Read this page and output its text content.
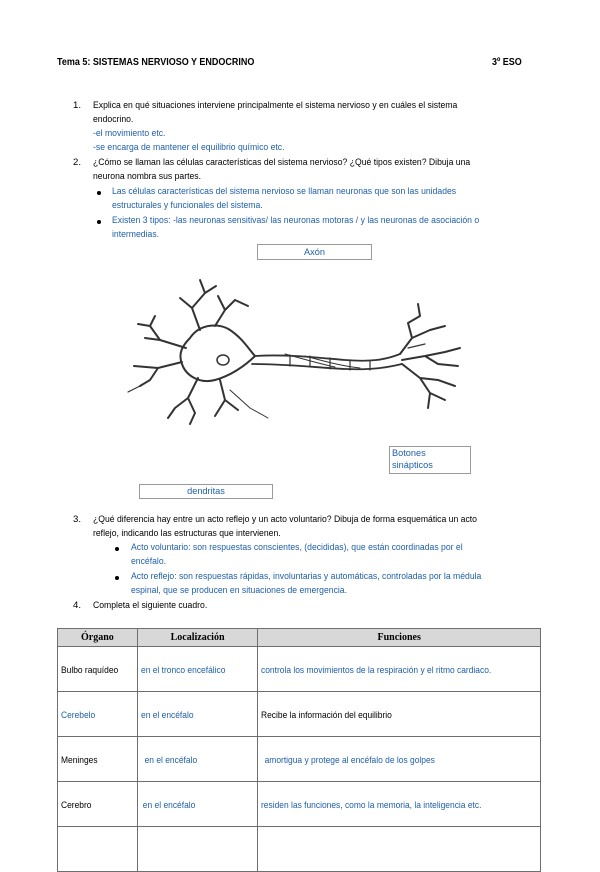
Tema 5: SISTEMAS NERVIOSO Y ENDOCRINO	3º ESO
1. Explica en qué situaciones interviene principalmente el sistema nervioso y en cuáles el sistema
endocrino.
-el movimiento etc.
-se encarga de mantener el equilibrio químico etc.
2. ¿Cómo se llaman las células características del sistema nervioso? ¿Qué tipos existen? Dibuja una
neurona nombra sus partes.
Las células características del sistema nervioso se llaman neuronas que son las unidades
estructurales y funcionales del sistema.
Existen 3 tipos: -las neuronas sensitivas/ las neuronas motoras / y las neuronas de asociación o
intermedias.
Axón
Botones
sinápticos
dendritas
3. ¿Qué diferencia hay entre un acto reflejo y un acto voluntario? Dibuja de forma esquemática un acto
reflejo, indicando las estructuras que intervienen.
Acto voluntario: son respuestas conscientes, (decididas), que están coordinadas por el
encéfalo.
Acto reflejo: son respuestas rápidas, involuntarias y automáticas, controladas por la médula
espinal, que se producen en situaciones de emergencia.
4. Completa el siguiente cuadro.
Órgano	Localización	Funciones
Bulbo raquídeo	en el tronco encefálico	controla los movimientos de la respiración y el ritmo cardiaco.
Cerebelo	en el encéfalo	Recibe la información del equilibrio
Meninges	en el encéfalo	amortigua y protege al encéfalo de los golpes
Cerebro	en el encéfalo	residen las funciones, como la memoria, la inteligencia etc.
